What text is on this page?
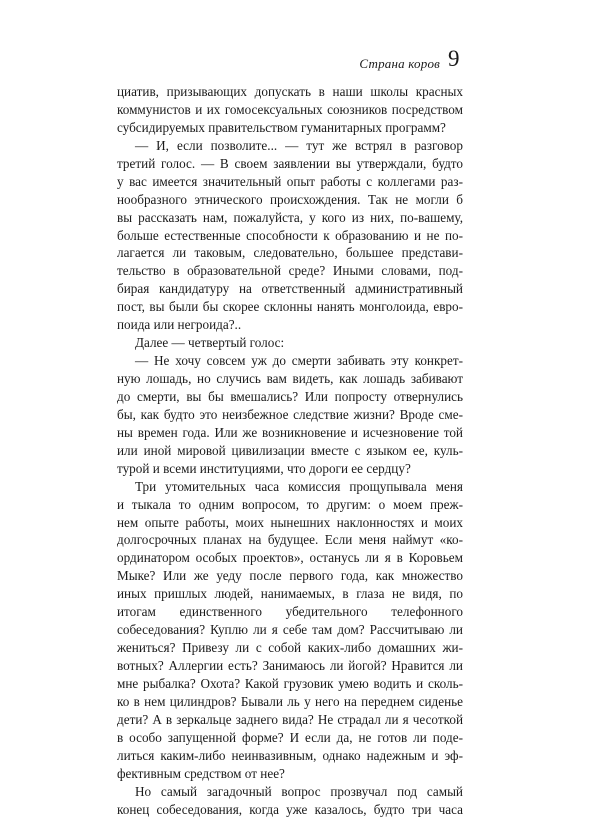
Страна коров 9
циатив, призывающих допускать в наши школы красных
коммунистов и их гомосексуальных союзников посредством
субсидируемых правительством гуманитарных программ?
— И, если позволите... — тут же встрял в разговор
третий голос. — В своем заявлении вы утверждали, будто
у вас имеется значительный опыт работы с коллегами раз-
нообразного этнического происхождения. Так не могли б
вы рассказать нам, пожалуйста, у кого из них, по-вашему,
больше естественные способности к образованию и не по-
лагается ли таковым, следовательно, большее представи-
тельство в образовательной среде? Иными словами, под-
бирая кандидатуру на ответственный административный
пост, вы были бы скорее склонны нанять монголоида, евро-
поида или негроида?..
Далее — четвертый голос:
— Не хочу совсем уж до смерти забивать эту конкрет-
ную лошадь, но случись вам видеть, как лошадь забивают
до смерти, вы бы вмешались? Или попросту отвернулись
бы, как будто это неизбежное следствие жизни? Вроде сме-
ны времен года. Или же возникновение и исчезновение той
или иной мировой цивилизации вместе с языком ее, куль-
турой и всеми институциями, что дороги ее сердцу?
Три утомительных часа комиссия прощупывала меня
и тыкала то одним вопросом, то другим: о моем преж-
нем опыте работы, моих нынешних наклонностях и моих
долгосрочных планах на будущее. Если меня наймут «ко-
ординатором особых проектов», останусь ли я в Коровьем
Мыке? Или же уеду после первого года, как множество
иных пришлых людей, нанимаемых, в глаза не видя, по
итогам единственного убедительного телефонного
собеседования? Куплю ли я себе там дом? Рассчитываю ли
жениться? Привезу ли с собой каких-либо домашних жи-
вотных? Аллергии есть? Занимаюсь ли йогой? Нравится ли
мне рыбалка? Охота? Какой грузовик умею водить и сколь-
ко в нем цилиндров? Бывали ль у него на переднем сиденье
дети? А в зеркальце заднего вида? Не страдал ли я чесоткой
в особо запущенной форме? И если да, не готов ли поде-
литься каким-либо неинвазивным, однако надежным и эф-
фективным средством от нее?
Но самый загадочный вопрос прозвучал под самый
конец собеседования, когда уже казалось, будто три часа
